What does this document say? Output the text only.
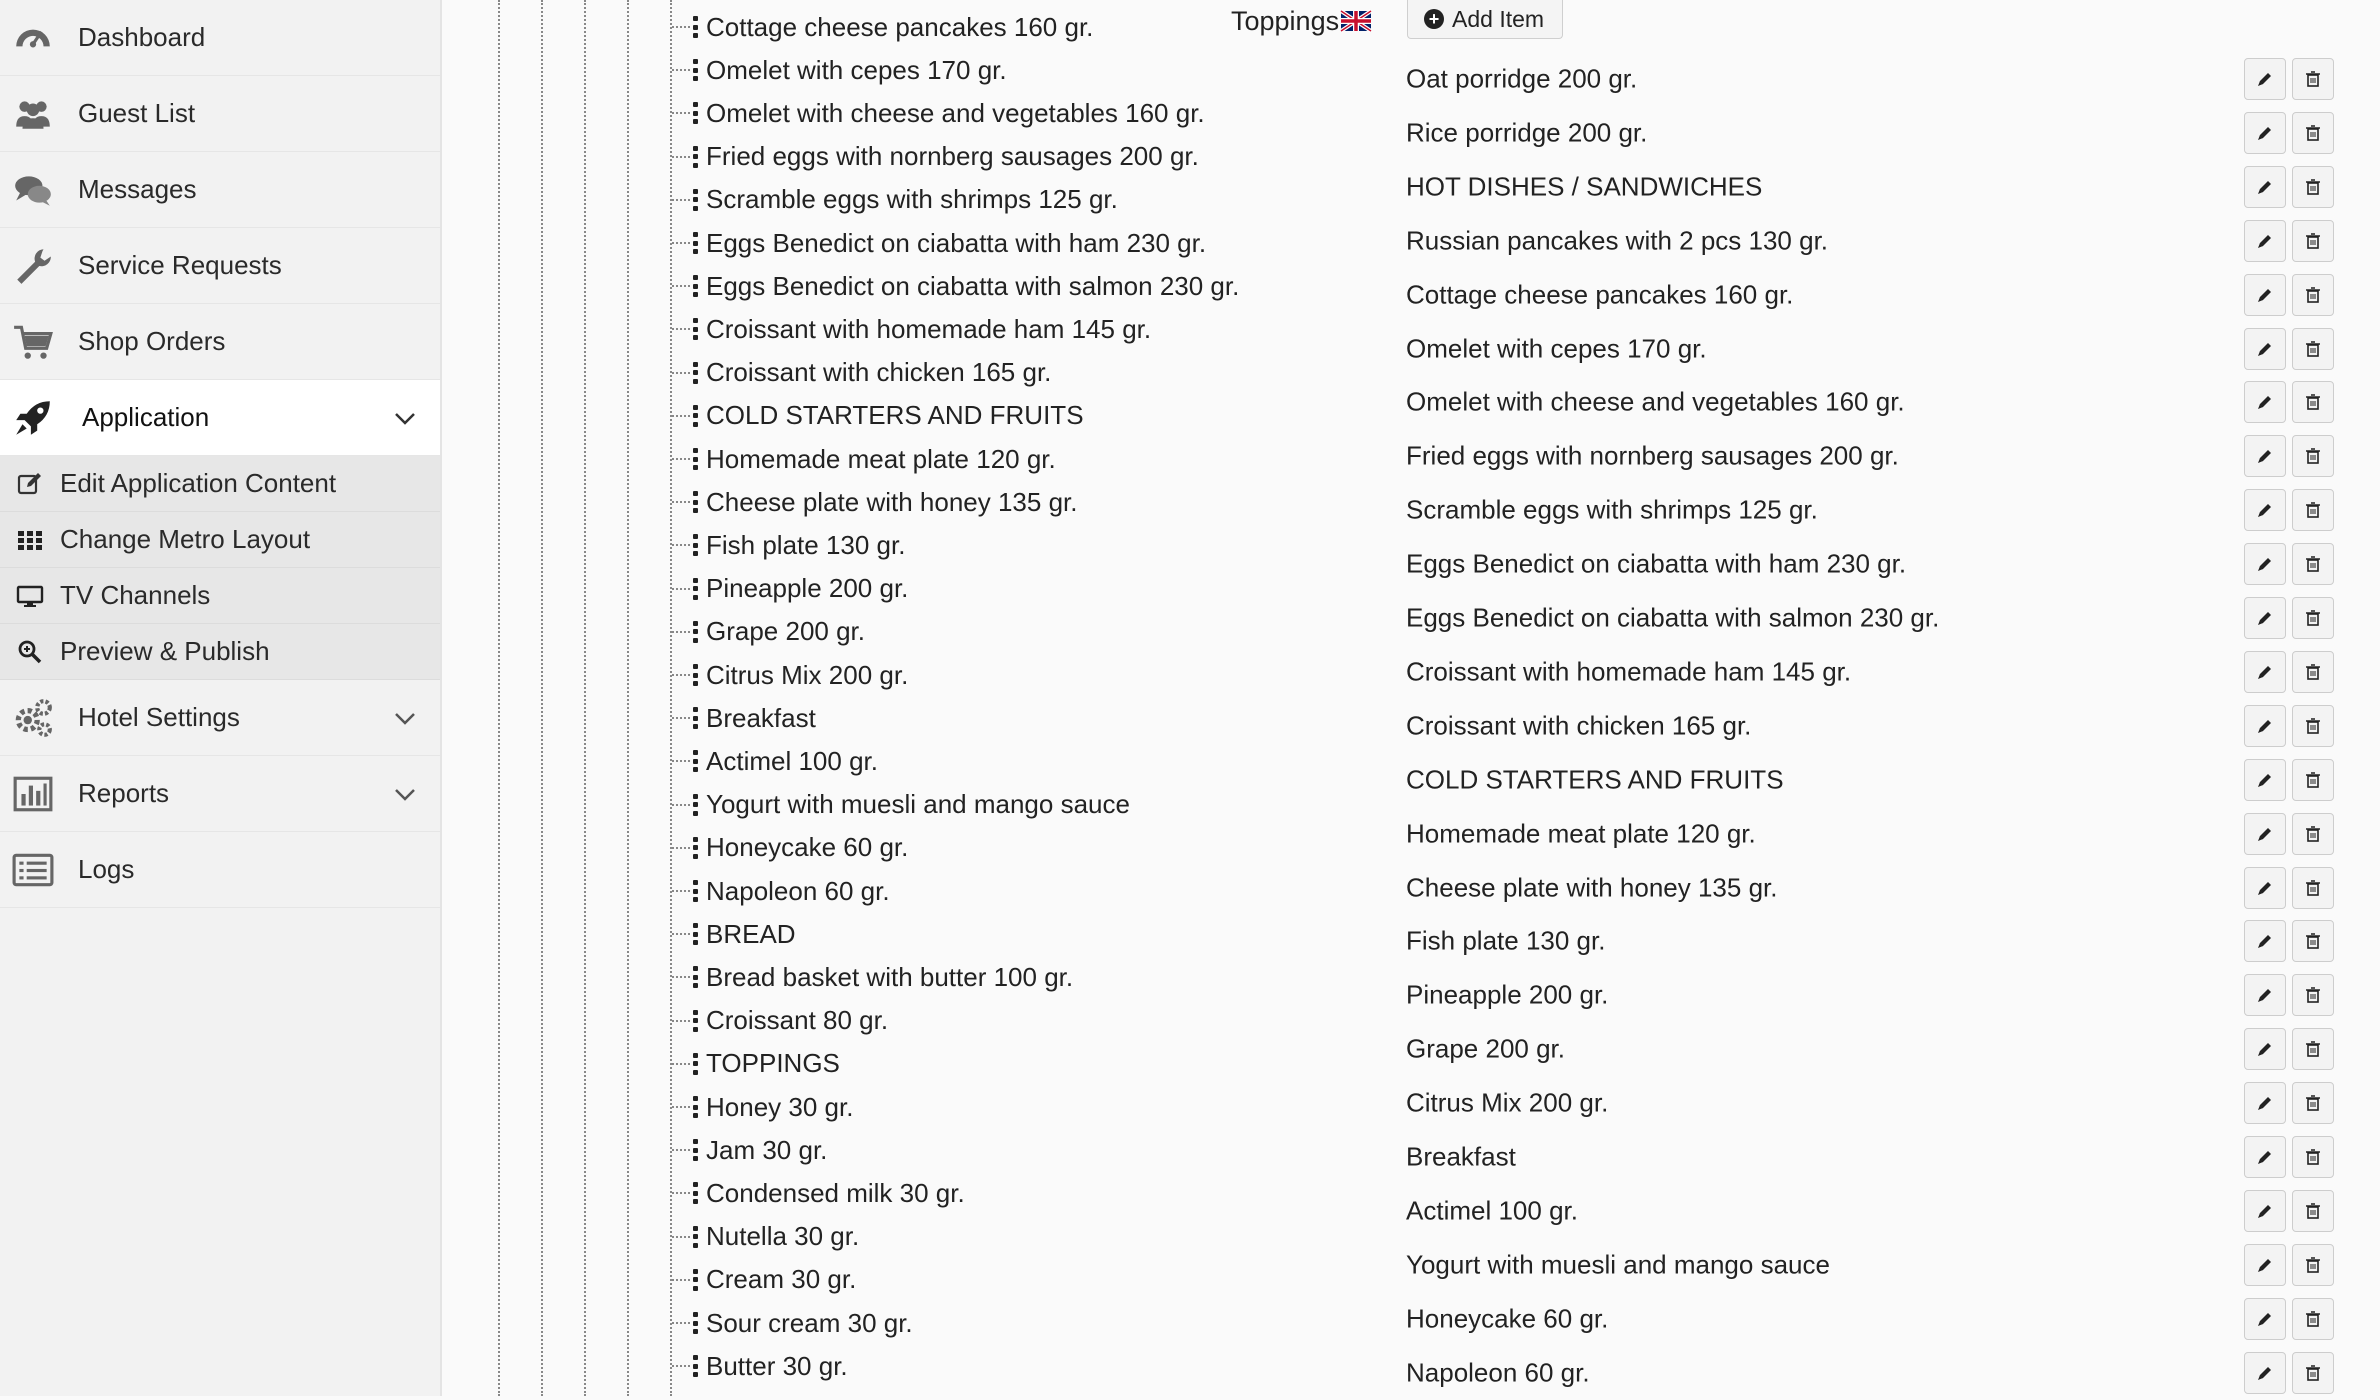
Dashboard
Guest List
Messages
Service Requests
Shop Orders
Application
Edit Application Content
Change Metro Layout
TV Channels
Preview & Publish
Hotel Settings
Reports
Logs
Cottage cheese pancakes 160 gr.
Omelet with cepes 170 gr.
Omelet with cheese and vegetables 160 gr.
Fried eggs with nornberg sausages 200 gr.
Scramble eggs with shrimps 125 gr.
Eggs Benedict on ciabatta with ham 230 gr.
Eggs Benedict on ciabatta with salmon 230 gr.
Croissant with homemade ham 145 gr.
Croissant with chicken 165 gr.
COLD STARTERS AND FRUITS
Homemade meat plate 120 gr.
Cheese plate with honey 135 gr.
Fish plate 130 gr.
Pineapple 200 gr.
Grape 200 gr.
Citrus Mix 200 gr.
Breakfast
Actimel 100 gr.
Yogurt with muesli and mango sauce
Honeycake 60 gr.
Napoleon 60 gr.
BREAD
Bread basket with butter 100 gr.
Croissant 80 gr.
TOPPINGS
Honey 30 gr.
Jam 30 gr.
Condensed milk 30 gr.
Nutella 30 gr.
Cream 30 gr.
Sour cream 30 gr.
Butter 30 gr.
Toppings	+ Add Item
Oat porridge 200 gr.
Rice porridge 200 gr.
HOT DISHES / SANDWICHES
Russian pancakes with 2 pcs 130 gr.
Cottage cheese pancakes 160 gr.
Omelet with cepes 170 gr.
Omelet with cheese and vegetables 160 gr.
Fried eggs with nornberg sausages 200 gr.
Scramble eggs with shrimps 125 gr.
Eggs Benedict on ciabatta with ham 230 gr.
Eggs Benedict on ciabatta with salmon 230 gr.
Croissant with homemade ham 145 gr.
Croissant with chicken 165 gr.
COLD STARTERS AND FRUITS
Homemade meat plate 120 gr.
Cheese plate with honey 135 gr.
Fish plate 130 gr.
Pineapple 200 gr.
Grape 200 gr.
Citrus Mix 200 gr.
Breakfast
Actimel 100 gr.
Yogurt with muesli and mango sauce
Honeycake 60 gr.
Napoleon 60 gr.
